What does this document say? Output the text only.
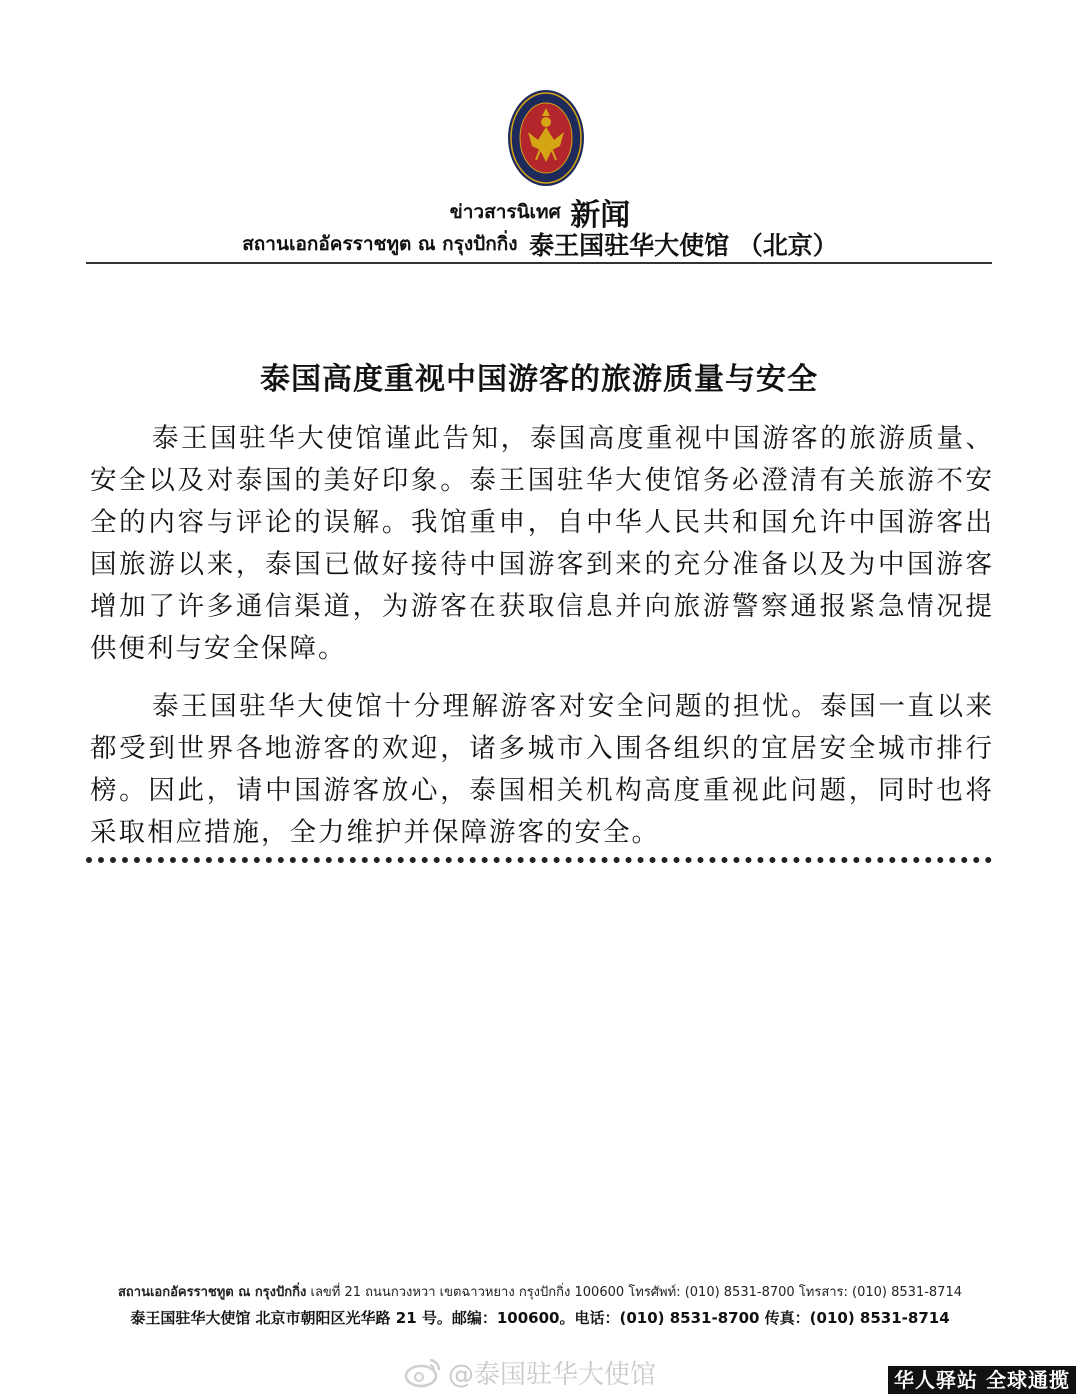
ข่าวสารนิเทศ 新闻
สถานเอกอัครราชทูต ณ กรุงปักกิ่ง 泰王国驻华大使馆 （北京）
泰国高度重视中国游客的旅游质量与安全

泰王国驻华大使馆谨此告知，泰国高度重视中国游客的旅游质量、安全以及对泰国的美好印象。泰王国驻华大使馆务必澄清有关旅游不安全的内容与评论的误解。我馆重申，自中华人民共和国允许中国游客出国旅游以来，泰国已做好接待中国游客到来的充分准备以及为中国游客增加了许多通信渠道，为游客在获取信息并向旅游警察通报紧急情况提供便利与安全保障。

泰王国驻华大使馆十分理解游客对安全问题的担忧。泰国一直以来都受到世界各地游客的欢迎，诸多城市入围各组织的宜居安全城市排行榜。因此，请中国游客放心，泰国相关机构高度重视此问题，同时也将采取相应措施，全力维护并保障游客的安全。

สถานเอกอัครราชทูต ณ กรุงปักกิ่ง เลขที่ 21 ถนนกวงหวา เขตฉาวหยาง กรุงปักกิ่ง 100600 โทรศัพท์: (010) 8531-8700 โทรสาร: (010) 8531-8714
泰王国驻华大使馆 北京市朝阳区光华路 21 号。邮编：100600。电话：(010) 8531-8700 传真：(010) 8531-8714
@泰国驻华大使馆	华人驿站 全球通揽
